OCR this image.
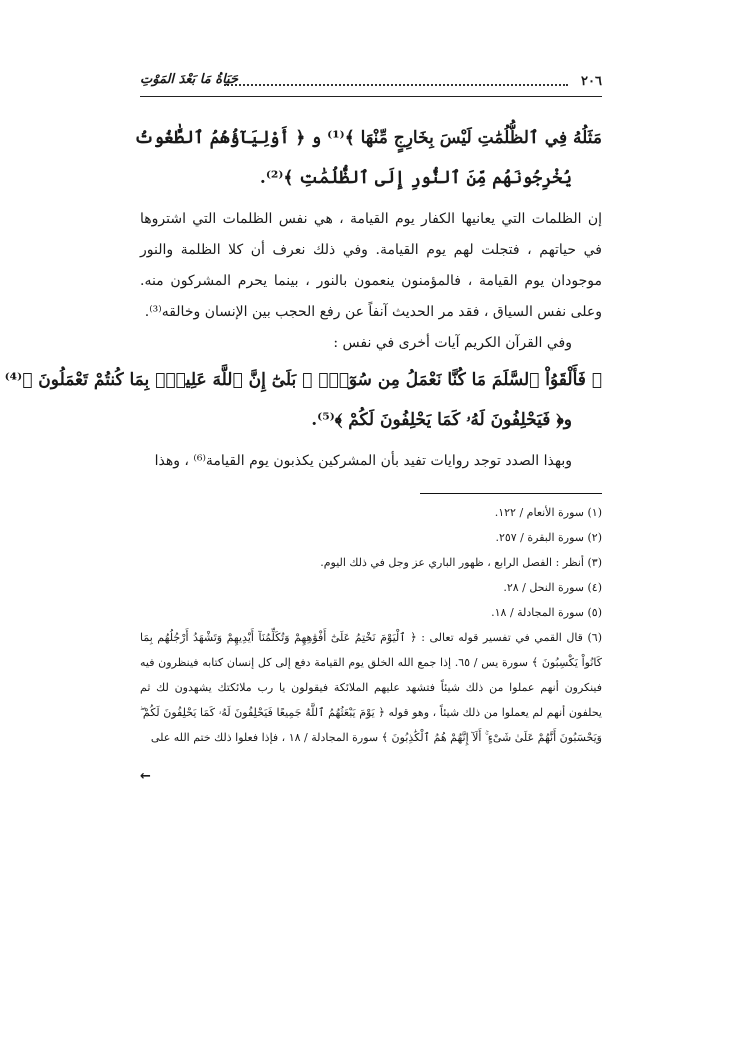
٢٠٦
حَيَاةُ مَا بَعْدَ المَوْتِ
مَثَلُهُ فِي ٱلظُّلُمَٰتِ لَيْسَ بِخَارِجٍ مِّنْهَا ﴾⁽¹⁾ و ﴿ أَوْلِيَآؤُهُمُ ٱلطَّٰغُوتُ
يُخْرِجُونَهُم مِّنَ ٱلنُّورِ إِلَى ٱلظُّلُمَٰتِ ﴾⁽²⁾.
إن الظلمات التي يعانيها الكفار يوم القيامة ، هي نفس الظلمات التي اشتروها في حياتهم ، فتجلت لهم يوم القيامة. وفي ذلك نعرف أن كلا الظلمة والنور موجودان يوم القيامة ، فالمؤمنون ينعمون بالنور ، بينما يحرم المشركون منه. وعلى نفس السياق ، فقد مر الحديث آنفاً عن رفع الحجب بين الإنسان وخالقه⁽³⁾.
وفي القرآن الكريم آيات أخرى في نفس :
﴿ فَأَلْقَوُاْ ٱلسَّلَمَ مَا كُنَّا نَعْمَلُ مِن سُوٓءٍۭ ۚ بَلَىٰٓ إِنَّ ٱللَّهَ عَلِيمٌۢ بِمَا كُنتُمْ تَعْمَلُونَ ﴾⁽⁴⁾
و﴿ فَيَحْلِفُونَ لَهُۥ كَمَا يَحْلِفُونَ لَكُمْ ﴾⁽⁵⁾.
وبهذا الصدد توجد روايات تفيد بأن المشركين يكذبون يوم القيامة⁽⁶⁾ ، وهذا
(١) سورة الأنعام / ١٢٢.
(٢) سورة البقرة / ٢٥٧.
(٣) أنظر : الفصل الرابع ، ظهور الباري عز وجل في ذلك اليوم.
(٤) سورة النحل / ٢٨.
(٥) سورة المجادلة / ١٨.
(٦) قال القمي في تفسير قوله تعالى : ﴿ ٱلْيَوْمَ نَخْتِمُ عَلَىٰٓ أَفْوَٰهِهِمْ وَتُكَلِّمُنَآ أَيْدِيهِمْ وَتَشْهَدُ أَرْجُلُهُم بِمَا كَانُواْ يَكْسِبُونَ ﴾ سورة يس / ٦٥. إذا جمع الله الخلق يوم القيامة دفع إلى كل إنسان كتابه فينظرون فيه فينكرون أنهم عملوا من ذلك شيئاً فتشهد عليهم الملائكة فيقولون يا رب ملائكتك يشهدون لك ثم يحلفون أنهم لم يعملوا من ذلك شيئاً ، وهو قوله ﴿ يَوْمَ يَبْعَثُهُمُ ٱللَّهُ جَمِيعًا فَيَحْلِفُونَ لَهُۥ كَمَا يَحْلِفُونَ لَكُمْ ۖ وَيَحْسَبُونَ أَنَّهُمْ عَلَىٰ شَىْءٍ ۚ أَلَآ إِنَّهُمْ هُمُ ٱلْكَٰذِبُونَ ﴾ سورة المجادلة / ١٨ ، فإذا فعلوا ذلك ختم الله على
←
